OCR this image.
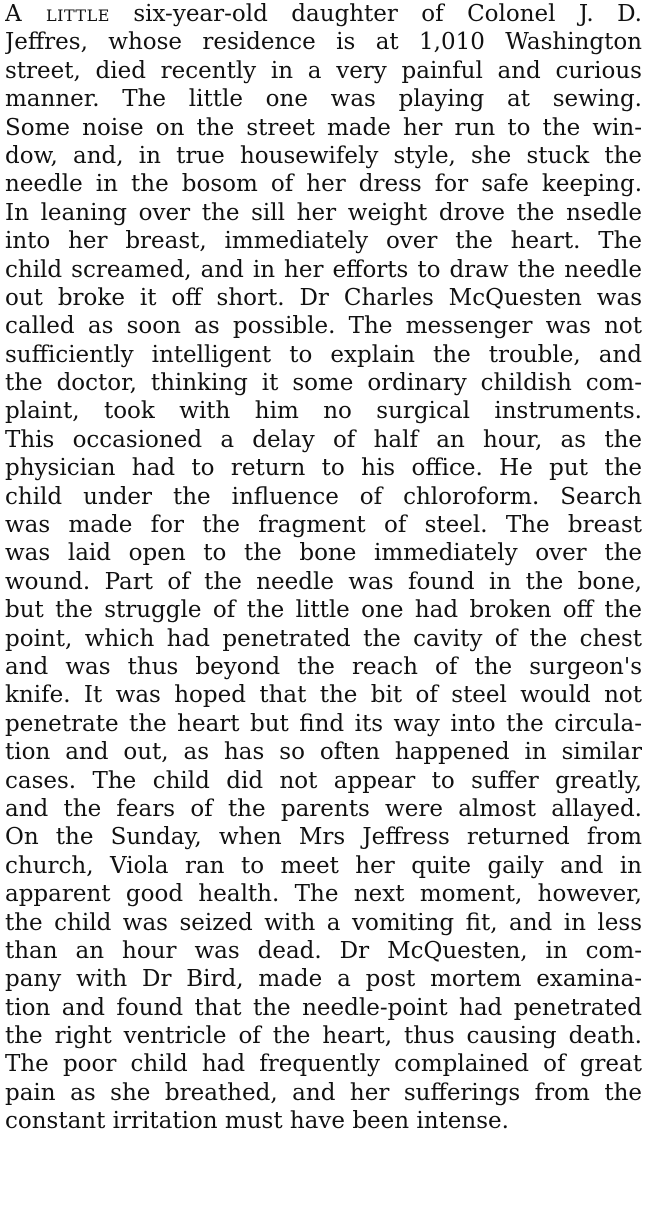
A little six-year-old daughter of Colonel J. D.
Jeffres, whose residence is at 1,010 Washington
street, died recently in a very painful and curious
manner. The little one was playing at sewing.
Some noise on the street made her run to the win-
dow, and, in true housewifely style, she stuck the
needle in the bosom of her dress for safe keeping.
In leaning over the sill her weight drove the nsedle
into her breast, immediately over the heart. The
child screamed, and in her efforts to draw the needle
out broke it off short. Dr Charles McQuesten was
called as soon as possible. The messenger was not
sufficiently intelligent to explain the trouble, and
the doctor, thinking it some ordinary childish com-
plaint, took with him no surgical instruments.
This occasioned a delay of half an hour, as the
physician had to return to his office. He put the
child under the influence of chloroform. Search
was made for the fragment of steel. The breast
was laid open to the bone immediately over the
wound. Part of the needle was found in the bone,
but the struggle of the little one had broken off the
point, which had penetrated the cavity of the chest
and was thus beyond the reach of the surgeon's
knife. It was hoped that the bit of steel would not
penetrate the heart but find its way into the circula-
tion and out, as has so often happened in similar
cases. The child did not appear to suffer greatly,
and the fears of the parents were almost allayed.
On the Sunday, when Mrs Jeffress returned from
church, Viola ran to meet her quite gaily and in
apparent good health. The next moment, however,
the child was seized with a vomiting fit, and in less
than an hour was dead. Dr McQuesten, in com-
pany with Dr Bird, made a post mortem examina-
tion and found that the needle-point had penetrated
the right ventricle of the heart, thus causing death.
The poor child had frequently complained of great
pain as she breathed, and her sufferings from the
constant irritation must have been intense.
